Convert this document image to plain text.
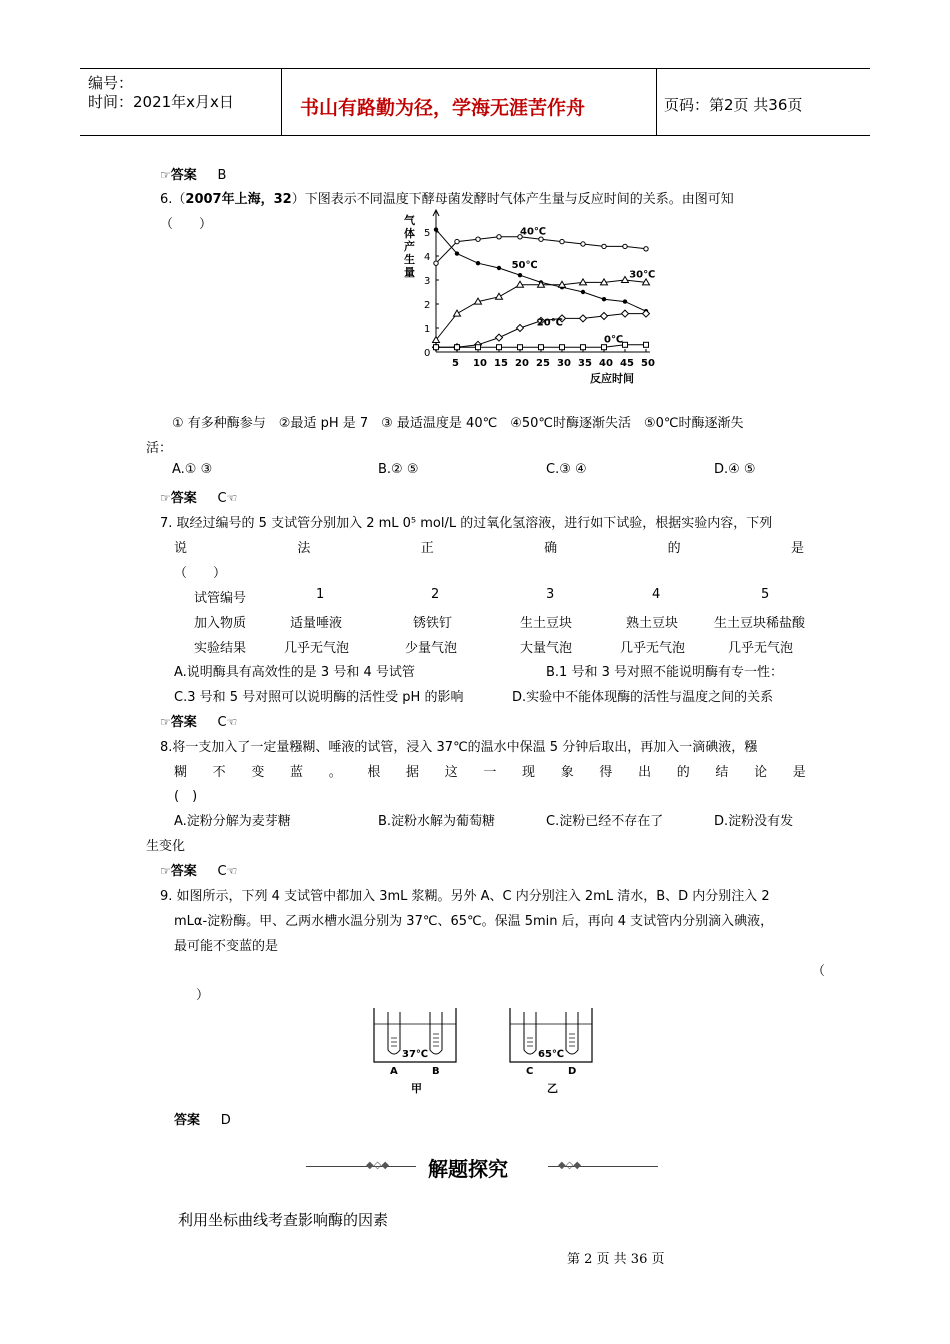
编号：
时间：2021年x月x日	书山有路勤为径，学海无涯苦作舟	页码：第2页 共36页
☞答案 B
6.（2007年上海，32）下图表示不同温度下酵母菌发酵时气体产生量与反应时间的关系。由图可知
（　　）
0
1
2
3
4
5
5 10 15 20 25 30 35 40 45 50
气
体
产
生
量
反应时间
40℃
50℃
30℃
20℃
0℃
① 有多种酶参与　②最适 pH 是 7　③ 最适温度是 40℃　④50℃时酶逐渐失活　⑤0℃时酶逐渐失
活：
A.① ③	B.② ⑤	C.③ ④	D.④ ⑤
☞答案 C☜
7. 取经过编号的 5 支试管分别加入 2 mL 0⁵ mol/L 的过氧化氢溶液，进行如下试验，根据实验内容，下列
说	法	正	确	的	是
（　　）
试管编号	1	2	3	4	5
加入物质	适量唾液	锈铁钉	生土豆块	熟土豆块	生土豆块稀盐酸
实验结果	几乎无气泡	少量气泡	大量气泡	几乎无气泡	几乎无气泡
A.说明酶具有高效性的是 3 号和 4 号试管	B.1 号和 3 号对照不能说明酶有专一性：
C.3 号和 5 号对照可以说明酶的活性受 pH 的影响	D.实验中不能体现酶的活性与温度之间的关系
☞答案 C☜
8.将一支加入了一定量糨糊、唾液的试管，浸入 37℃的温水中保温 5 分钟后取出，再加入一滴碘液，糨
糊 不 变 蓝 。 根 据 这 一 现 象 得 出 的 结 论 是
(　)
A.淀粉分解为麦芽糖	B.淀粉水解为葡萄糖	C.淀粉已经不存在了	D.淀粉没有发
生变化
☞答案 C☜
9. 如图所示，下列 4 支试管中都加入 3mL 浆糊。另外 A、C 内分别注入 2mL 清水，B、D 内分别注入 2
mLα-淀粉酶。甲、乙两水槽水温分别为 37℃、65℃。保温 5min 后，再向 4 支试管内分别滴入碘液，
最可能不变蓝的是
（
）
37℃
A	B
甲
65℃
C	D
乙
答案 D
◆◇◆ 解题探究	◆◇◆
利用坐标曲线考查影响酶的因素
第 2 页 共 36 页
